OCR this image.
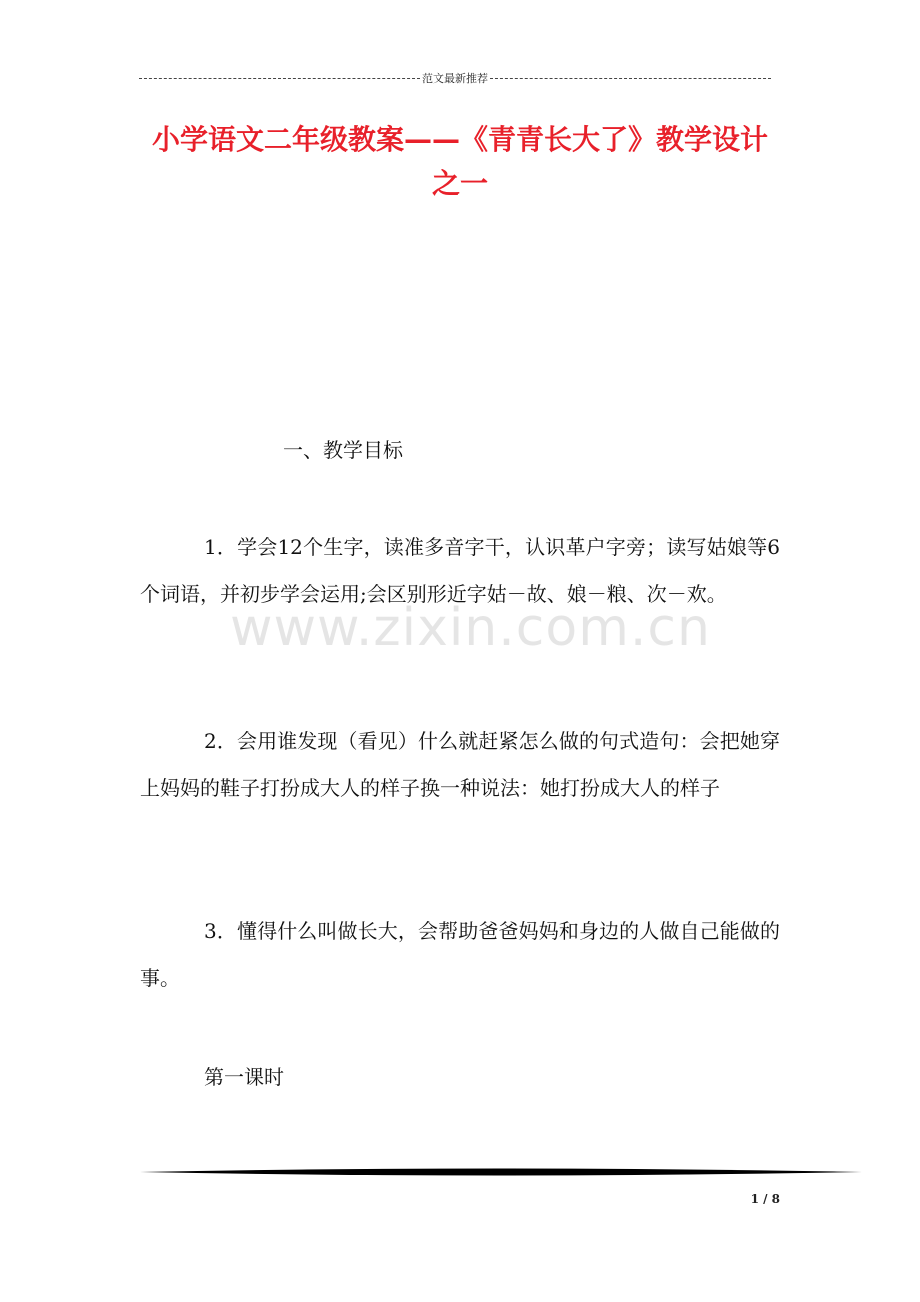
范文最新推荐
小学语文二年级教案——《青青长大了》教学设计之一

一、教学目标

1．学会12个生字，读准多音字干，认识革户字旁；读写姑娘等6个词语，并初步学会运用;会区别形近字姑－故、娘－粮、次－欢。

www.zixin.com.cn

2．会用谁发现（看见）什么就赶紧怎么做的句式造句：会把她穿上妈妈的鞋子打扮成大人的样子换一种说法：她打扮成大人的样子

3．懂得什么叫做长大，会帮助爸爸妈妈和身边的人做自己能做的事。

第一课时

1 / 8
